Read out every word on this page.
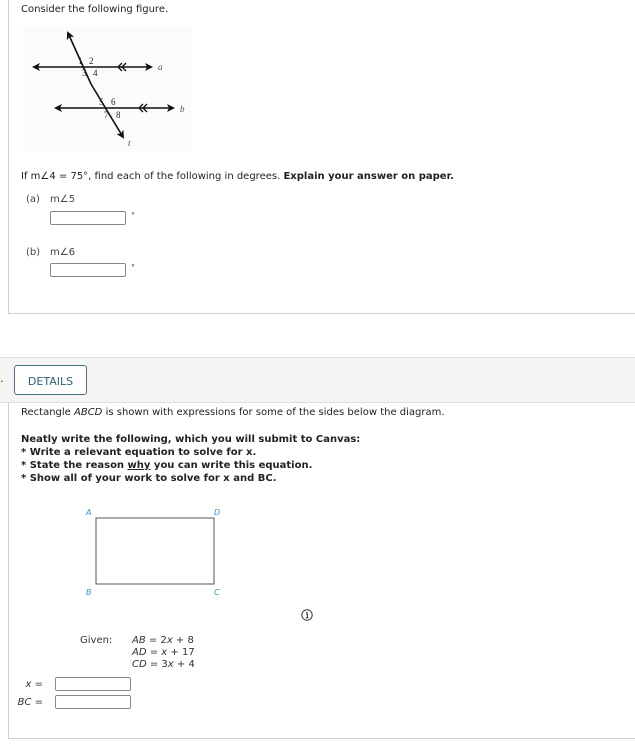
Consider the following figure.

1 2
3 4
5 6
7 8
a
b
t

If m∠4 = 75°, find each of the following in degrees. Explain your answer on paper.

(a) m∠5

°

(b) m∠6

°
.	DETAILS

Rectangle ABCD is shown with expressions for some of the sides below the diagram.

Neatly write the following, which you will submit to Canvas:
* Write a relevant equation to solve for x.
* State the reason why you can write this equation.
* Show all of your work to solve for x and BC.
A	D
B	C
Given: AB = 2x + 8
AD = x + 17
CD = 3x + 4
x =
BC =
